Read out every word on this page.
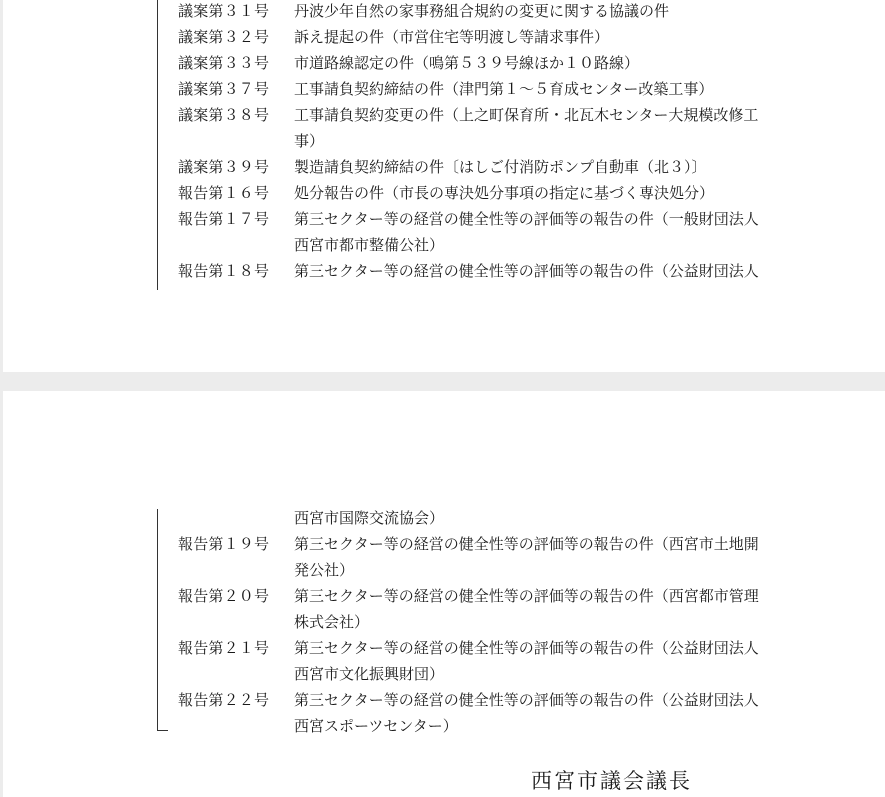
議案第３１号	丹波少年自然の家事務組合規約の変更に関する協議の件
議案第３２号	訴え提起の件（市営住宅等明渡し等請求事件）
議案第３３号	市道路線認定の件（鳴第５３９号線ほか１０路線）
議案第３７号	工事請負契約締結の件（津門第１～５育成センター改築工事）
議案第３８号	工事請負契約変更の件（上之町保育所・北瓦木センター大規模改修工
事）
議案第３９号	製造請負契約締結の件〔はしご付消防ポンプ自動車（北３）〕
報告第１６号	処分報告の件（市長の専決処分事項の指定に基づく専決処分）
報告第１７号	第三セクター等の経営の健全性等の評価等の報告の件（一般財団法人
西宮市都市整備公社）
報告第１８号	第三セクター等の経営の健全性等の評価等の報告の件（公益財団法人
西宮市国際交流協会）
報告第１９号	第三セクター等の経営の健全性等の評価等の報告の件（西宮市土地開
発公社）
報告第２０号	第三セクター等の経営の健全性等の評価等の報告の件（西宮都市管理
株式会社）
報告第２１号	第三セクター等の経営の健全性等の評価等の報告の件（公益財団法人
西宮市文化振興財団）
報告第２２号	第三セクター等の経営の健全性等の評価等の報告の件（公益財団法人
西宮スポーツセンター）
西宮市議会議長
